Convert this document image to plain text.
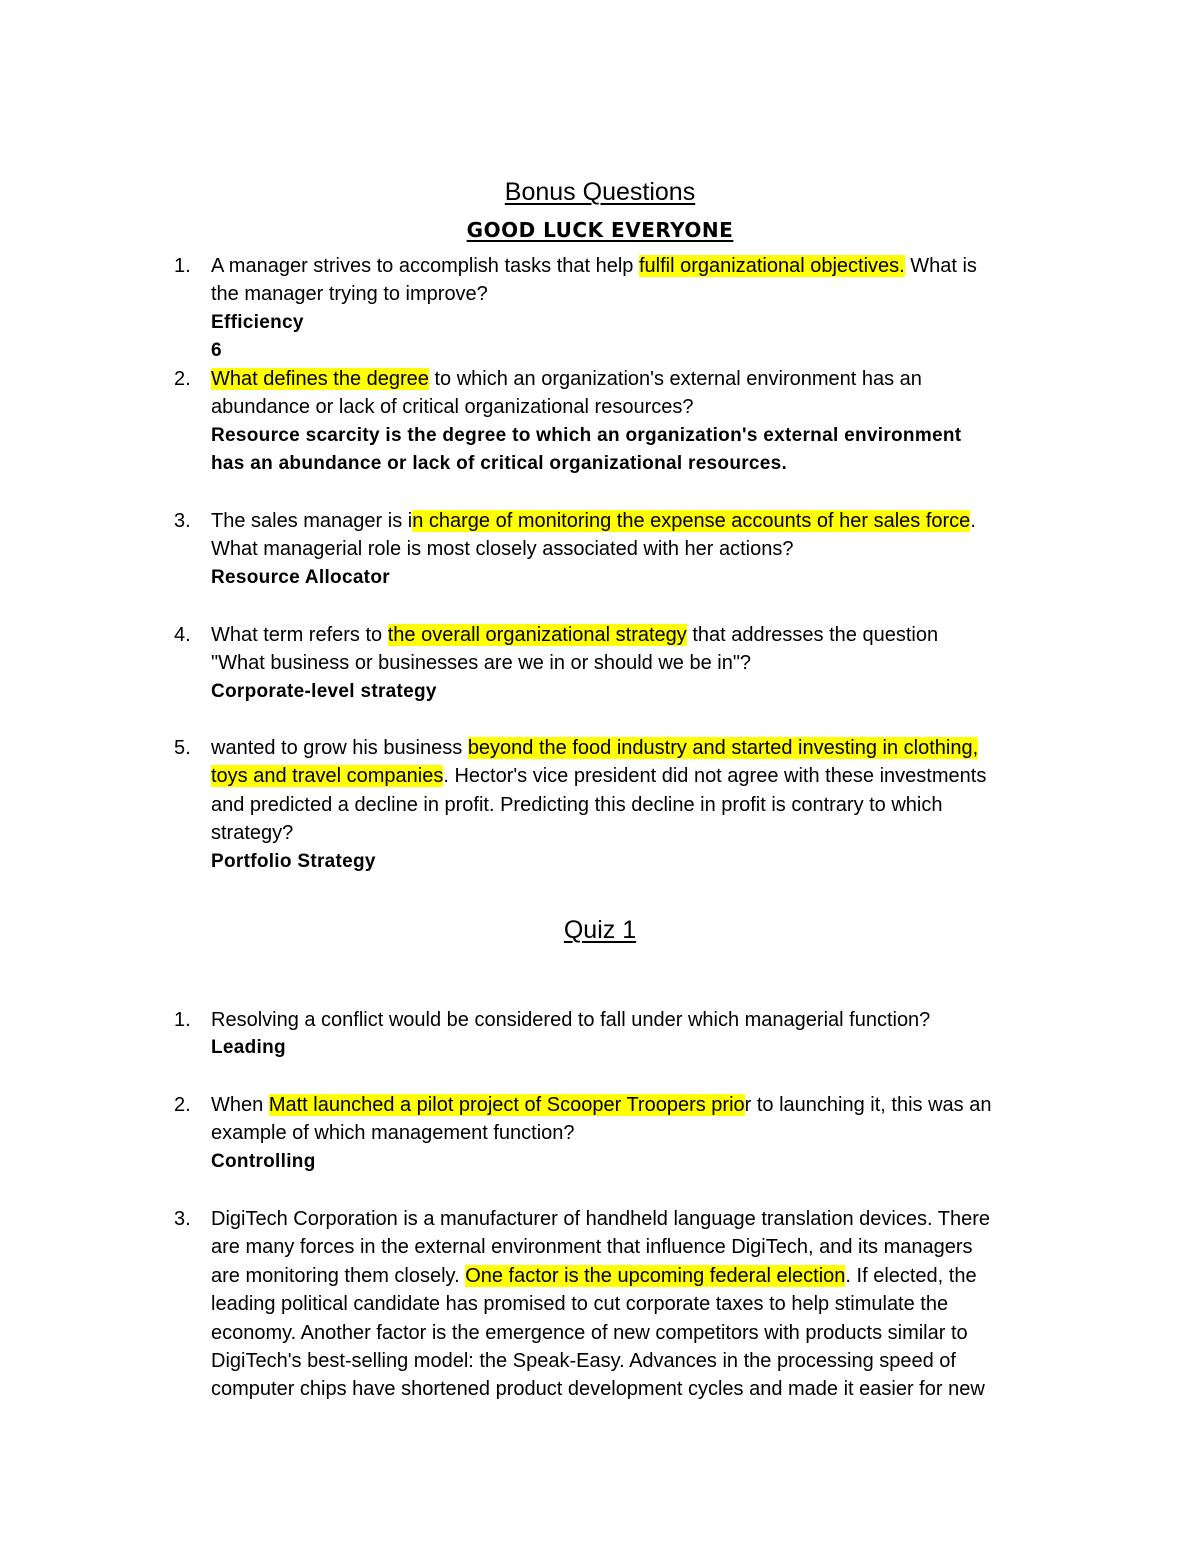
Bonus Questions
GOOD LUCK EVERYONE
1. A manager strives to accomplish tasks that help fulfil organizational objectives. What is
the manager trying to improve?
Efficiency
6
2. What defines the degree to which an organization's external environment has an
abundance or lack of critical organizational resources?
Resource scarcity is the degree to which an organization's external environment
has an abundance or lack of critical organizational resources.
3. The sales manager is in charge of monitoring the expense accounts of her sales force.
What managerial role is most closely associated with her actions?
Resource Allocator
4. What term refers to the overall organizational strategy that addresses the question
"What business or businesses are we in or should we be in"?
Corporate-level strategy
5. wanted to grow his business beyond the food industry and started investing in clothing,
toys and travel companies. Hector's vice president did not agree with these investments
and predicted a decline in profit. Predicting this decline in profit is contrary to which
strategy?
Portfolio Strategy
Quiz 1
1. Resolving a conflict would be considered to fall under which managerial function?
Leading
2. When Matt launched a pilot project of Scooper Troopers prior to launching it, this was an
example of which management function?
Controlling
3. DigiTech Corporation is a manufacturer of handheld language translation devices. There
are many forces in the external environment that influence DigiTech, and its managers
are monitoring them closely. One factor is the upcoming federal election. If elected, the
leading political candidate has promised to cut corporate taxes to help stimulate the
economy. Another factor is the emergence of new competitors with products similar to
DigiTech's best-selling model: the Speak-Easy. Advances in the processing speed of
computer chips have shortened product development cycles and made it easier for new
